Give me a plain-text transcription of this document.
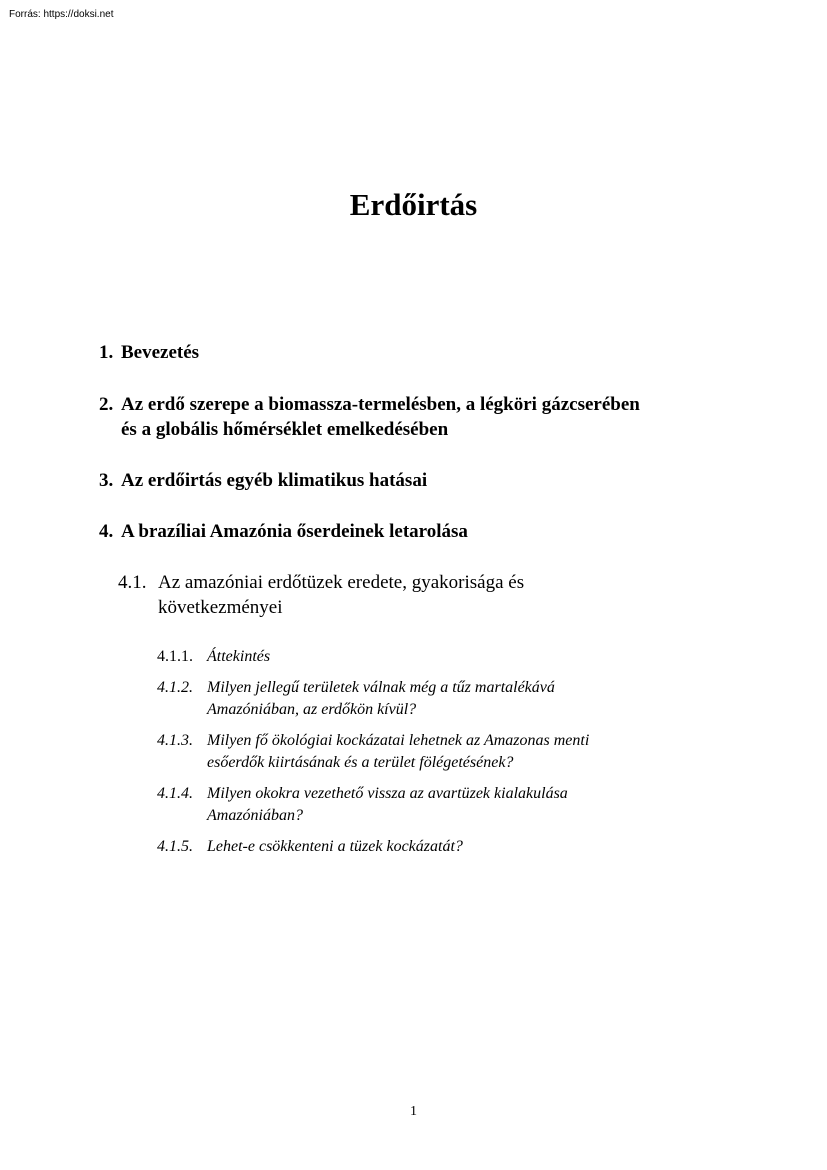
Forrás: https://doksi.net
Erdőirtás
1. Bevezetés
2. Az erdő szerepe a biomassza-termelésben, a légköri gázcserében
és a globális hőmérséklet emelkedésében
3. Az erdőirtás egyéb klimatikus hatásai
4. A brazíliai Amazónia őserdeinek letarolása
4.1. Az amazóniai erdőtüzek eredete, gyakorisága és
következményei
4.1.1. Áttekintés
4.1.2. Milyen jellegű területek válnak még a tűz martalékává
Amazóniában, az erdőkön kívül?
4.1.3. Milyen fő ökológiai kockázatai lehetnek az Amazonas menti
esőerdők kiirtásának és a terület fölégetésének?
4.1.4. Milyen okokra vezethető vissza az avartüzek kialakulása
Amazóniában?
4.1.5. Lehet-e csökkenteni a tüzek kockázatát?
1
